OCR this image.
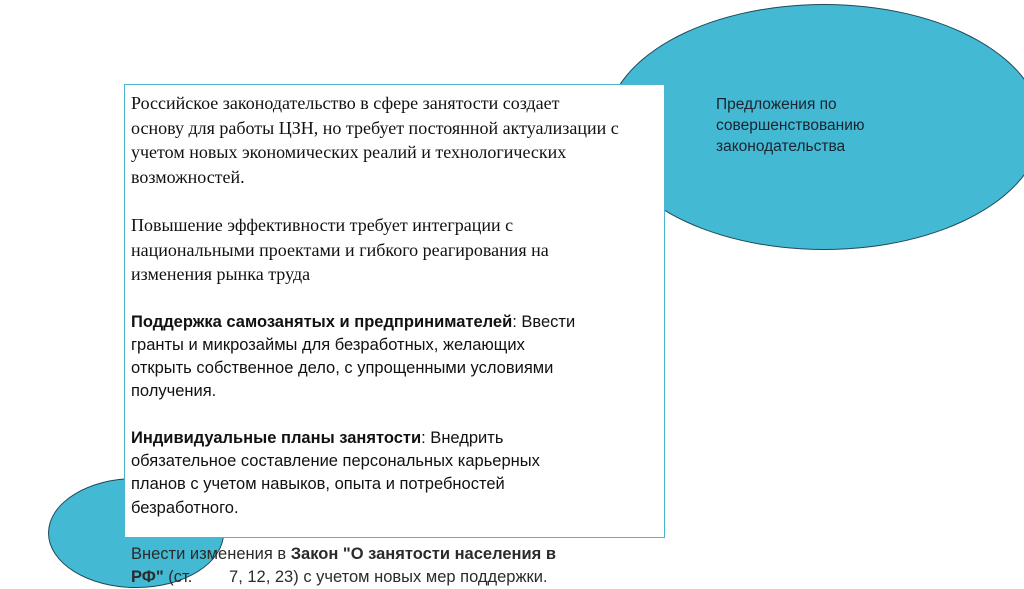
Предложения по
совершенствованию
законодательства

Российское законодательство в сфере занятости создает
основу для работы ЦЗН, но требует постоянной актуализации с
учетом новых экономических реалий и технологических
возможностей.

Повышение эффективности требует интеграции с
национальными проектами и гибкого реагирования на
изменения рынка труда

Поддержка самозанятых и предпринимателей: Ввести
гранты и микрозаймы для безработных, желающих
открыть собственное дело, с упрощенными условиями
получения.

Индивидуальные планы занятости: Внедрить
обязательное составление персональных карьерных
планов с учетом навыков, опыта и потребностей
безработного.

Внести изменения в Закон "О занятости населения в
РФ" (ст.        7, 12, 23) с учетом новых мер поддержки.
